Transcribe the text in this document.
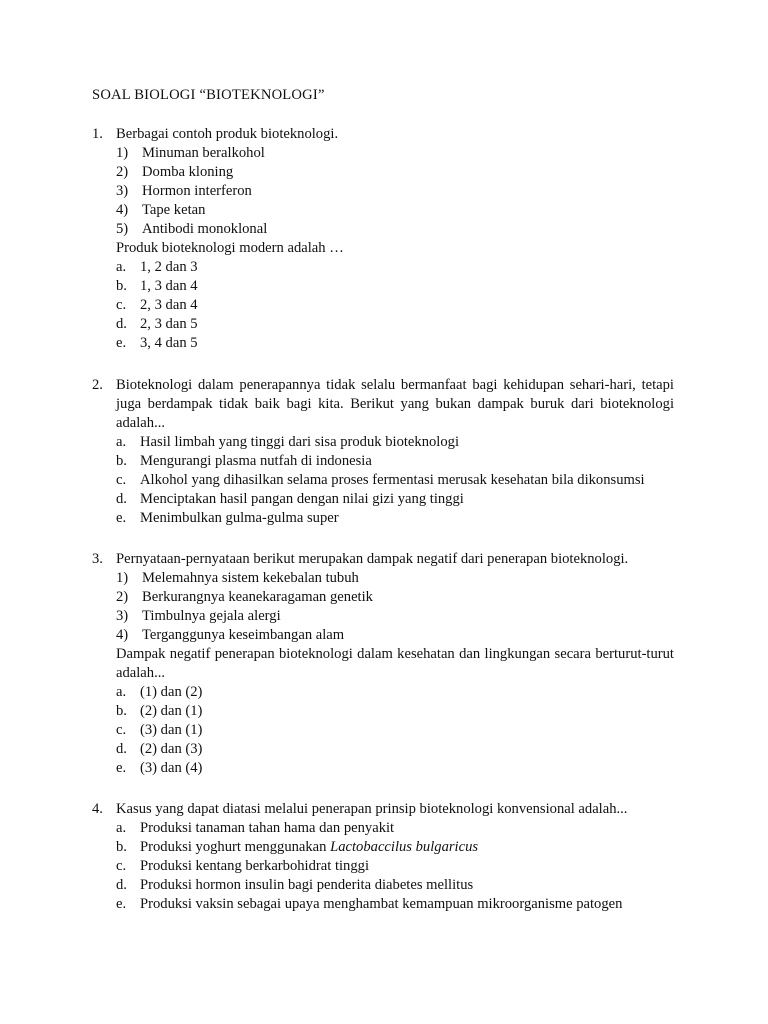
SOAL BIOLOGI “BIOTEKNOLOGI”
1. Berbagai contoh produk bioteknologi.
1) Minuman beralkohol
2) Domba kloning
3) Hormon interferon
4) Tape ketan
5) Antibodi monoklonal
Produk bioteknologi modern adalah …
a. 1, 2 dan 3
b. 1, 3 dan 4
c. 2, 3 dan 4
d. 2, 3 dan 5
e. 3, 4 dan 5
2. Bioteknologi dalam penerapannya tidak selalu bermanfaat bagi kehidupan sehari-hari, tetapi juga berdampak tidak baik bagi kita. Berikut yang bukan dampak buruk dari bioteknologi adalah...
a. Hasil limbah yang tinggi dari sisa produk bioteknologi
b. Mengurangi plasma nutfah di indonesia
c. Alkohol yang dihasilkan selama proses fermentasi merusak kesehatan bila dikonsumsi
d. Menciptakan hasil pangan dengan nilai gizi yang tinggi
e. Menimbulkan gulma-gulma super
3. Pernyataan-pernyataan berikut merupakan dampak negatif dari penerapan bioteknologi.
1) Melemahnya sistem kekebalan tubuh
2) Berkurangnya keanekaragaman genetik
3) Timbulnya gejala alergi
4) Terganggunya keseimbangan alam
Dampak negatif penerapan bioteknologi dalam kesehatan dan lingkungan secara berturut-turut adalah...
a. (1) dan (2)
b. (2) dan (1)
c. (3) dan (1)
d. (2) dan (3)
e. (3) dan (4)
4. Kasus yang dapat diatasi melalui penerapan prinsip bioteknologi konvensional adalah...
a. Produksi tanaman tahan hama dan penyakit
b. Produksi yoghurt menggunakan Lactobaccilus bulgaricus
c. Produksi kentang berkarbohidrat tinggi
d. Produksi hormon insulin bagi penderita diabetes mellitus
e. Produksi vaksin sebagai upaya menghambat kemampuan mikroorganisme patogen
